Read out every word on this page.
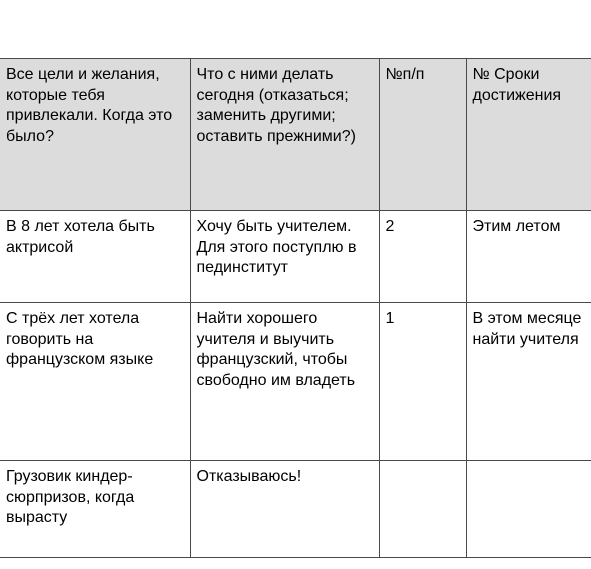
Все цели и желания, которые тебя привлекали. Когда это было?	Что с ними делать сегодня (отказаться; заменить другими; оставить прежними?)	№п/п	№ Сроки достижения
В 8 лет хотела быть актрисой	Хочу быть учителем. Для этого поступлю в пединститут	2	Этим летом
С трёх лет хотела говорить на французском языке	Найти хорошего учителя и выучить французский, чтобы свободно им владеть	1	В этом месяце найти учителя
Грузовик киндер-сюрпризов, когда вырасту	Отказываюсь!		
